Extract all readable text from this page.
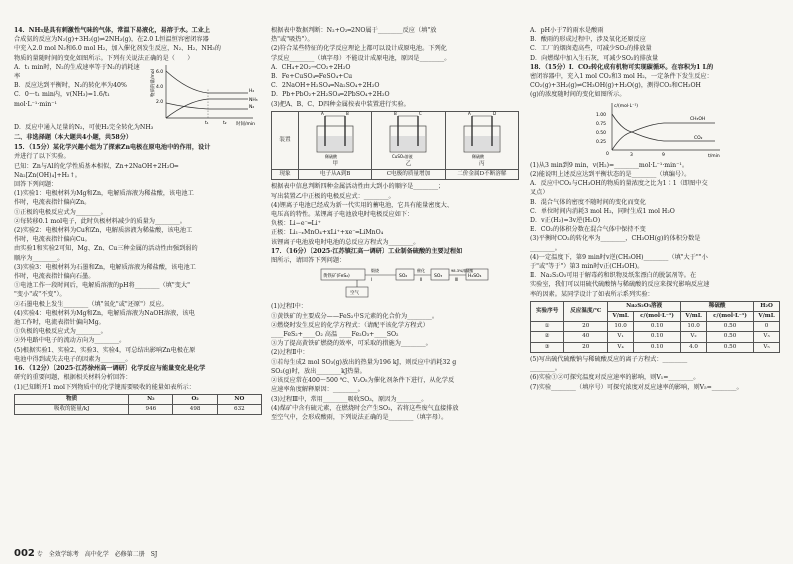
14．NH₃是具有刺激性气味的气体，常温下易液化，易溶于水。工业上
合成氨的反应为N₂(g)+3H₂(g)⇌2NH₃(g)，在2.0 L恒温恒容密闭容器
中充入2.0 mol N₂和6.0 mol H₂，加入催化剂发生反应，N₂、H₂、NH₃的
物质的量随时间的变化如图所示。下列有关说法正确的是（　　）
A．t₁ min时，N₂的生成速率等于N₂的消耗速率
B．反应达到平衡时，N₂的转化率为40%
C．0～t₁ min内，v(NH₃)=1.6/t₁ mol·L⁻¹·min⁻¹
物质的量/mol
时间/min
6.0
4.0
2.0
H₂
N₂
NH₃
t₁	t₂
D．反应中通入足量的N₂，可使H₂完全转化为NH₃
二、非选择题（本大题共4小题，共58分）
15．（15分）某化学兴趣小组为了探索Zn电极在原电池中的作用，设计
并进行了以下实验。
已知：Zn与Al的化学性质基本相似，Zn+2NaOH+2H₂O═
Na₂[Zn(OH)₄]+H₂↑。
回答下列问题：
(1)实验1：电极材料为Mg和Zn，电解质溶液为稀盐酸，该电池工
作时，电流表指针偏向Zn。
①正极的电极反应式为________。
②每转移0.1 mol电子，此时负极材料减少的质量为________。
(2)实验2：电极材料为Cu和Zn，电解质溶液为稀盐酸，该电池工
作时，电流表指针偏向Cu。
由实验1和实验2可知，Mg、Zn、Cu三种金属的活动性由强到弱的
顺序为________。
(3)实验3：电极材料为石墨和Zn，电解质溶液为稀盐酸，该电池工
作时，电流表指针偏向石墨。
①电池工作一段时间后，电解质溶液的pH将________（填"变大"
"变小"或"不变"）。
②石墨电极上发生________（填"氧化"或"还原"）反应。
(4)实验4：电极材料为Mg和Zn，电解质溶液为NaOH溶液，该电
池工作时，电流表指针偏向Mg。
①负极的电极反应式为________。
②外电路中电子的流动方向为________。
(5)根据实验1、实验2、实验3、实验4，可总结出影响Zn电极在原
电池中得到或失去电子的因素为________。
16．（12分）〔2025·江苏徐州高一调研〕化学反应与能量变化是化学
研究的重要问题，根据相关材料分析回答：
(1)已知断开1 mol下列物质中的化学键需要吸收的能量如表所示：
物质	N₂	O₂	NO
吸收的能量/kJ	946	498	632
根据表中数据判断：N₂+O₂═2NO属于________反应（填"放
热"或"吸热"）。
(2)符合某些特征的化学反应理论上都可以设计成原电池。下列化
学反应________（填字母）不能设计成原电池，原因是________。
A．CH₄+2O₂→CO₂+2H₂O
B．Fe+CuSO₄═FeSO₄+Cu
C．2NaOH+H₂SO₄═Na₂SO₄+2H₂O
D．Pb+PbO₂+2H₂SO₄═2PbSO₄+2H₂O
(3)把A、B、C、D四种金属按表中装置进行实验。
装置	A B
稀硫酸
甲	B C
CuSO₄溶液
乙	A D
稀硫酸
丙

现象	电子从A到B	C电极的质量增加	二价金属D不断溶解
根据表中信息判断四种金属活动性由大到小的顺序是________；
写出装置乙中正极的电极反应式：________。
(4)锂离子电池已经成为新一代实用的蓄电池，它具有能量密度大、
电压高的特性。某锂离子电池放电时电极反应如下：
负极：Li−e⁻═Li⁺
正极：Li₁₋ₓMnO₄+xLi⁺+xe⁻═LiMnO₄
该锂离子电池放电时电池的总反应方程式为________。
17．（16分）〔2025·江苏镇江高一调研〕工业制备硫酸的主要过程如
图所示，请回答下列问题：
黄铁矿(FeS₂)
煅烧
Ⅰ
SO₂
催化
Ⅱ
SO₃
98.3%浓硫酸
Ⅲ
H₂SO₄
空气
(1)过程Ⅰ中：
①黄铁矿的主要成分——FeS₂中S元素的化合价为________。
②燃烧时发生反应的化学方程式：（请配平该化学方程式）
____FeS₂+____O₂ 高温 ____Fe₂O₃+____SO₂
③为了提高黄铁矿燃烧的效率，可采取的措施为________。
(2)过程Ⅱ中：
①若每生成2 mol SO₃(g)放出的热量为196 kJ，则反应中消耗32 g
SO₂(g)时，放出________kJ热量。
②该反应常在400～500 ℃、V₂O₅为催化剂条件下进行，从化学反
应速率角度解释原因：________。
(3)过程Ⅲ中，常用________吸收SO₃，原因为________。
(4)煤矿中含有硫元素，在燃烧时会产生SO₂，若将这些废气直接排放
至空气中，会形成酸雨，下列说法正确的是________（填字母）。
A．pH小于7的雨水是酸雨
B．酸雨的形成过程中，涉及氧化还原反应
C．工厂的烟囱造高些，可减少SO₂的排放量
D．向燃煤中加入生石灰，可减少SO₂的排放量
18．（15分）Ⅰ．CO₂转化成有机物可实现碳循环。在容积为1 L的
密闭容器中，充入1 mol CO₂和3 mol H₂，一定条件下发生反应：
CO₂(g)+3H₂(g)⇌CH₃OH(g)+H₂O(g)，测得CO₂和CH₃OH
(g)的浓度随时间的变化如图所示。
c/(mol·L⁻¹)
t/min
1.00
0.75
0.50
0.25
0	3	9
CH₃OH
CO₂
(1)从3 min到9 min，v(H₂)=________mol·L⁻¹·min⁻¹。
(2)能说明上述反应达到平衡状态的是________（填编号）。
A．反应中CO₂与CH₃OH的物质的量浓度之比为1∶1（即图中交
叉点）
B．混合气体的密度不随时间的变化而变化
C．单位时间内消耗3 mol H₂，同时生成1 mol H₂O
D．v正(H₂)=3v逆(H₂O)
E．CO₂的体积分数在混合气体中保持不变
(3)平衡时CO₂的转化率为________，CH₃OH(g)的体积分数是
________。
(4)一定温度下，第9 min时v逆(CH₃OH)________（填"大于""小
于"或"等于"）第3 min时v正(CH₃OH)。
Ⅱ．Na₂S₂O₃可用于解毒药和织物及纸浆漂白的脱氯剂等。在
实验室，我们可以用硫代硫酸钠与稀硫酸的反应来探究影响反应速
率的因素。某同学设计了如表所示系列实验：
实验序号	反应温度/℃	Na₂S₂O₃溶液		稀硫酸		H₂O
		V/mL	c/(mol·L⁻¹)	V/mL	c/(mol·L⁻¹)	V/mL
①	20	10.0	0.10	10.0	0.50	0
②	40	V₁	0.10	V₂	0.50	V₃
③	20	V₄	0.10	4.0	0.50	V₅
(5)写出硫代硫酸钠与稀硫酸反应的离子方程式：________
________。
(6)实验①②可探究温度对反应速率的影响，则V₁=________。
(7)实验________（填序号）可探究浓度对反应速率的影响，则V₅=________。
002 专　全效学练考　高中化学　必修第二册　SJ
